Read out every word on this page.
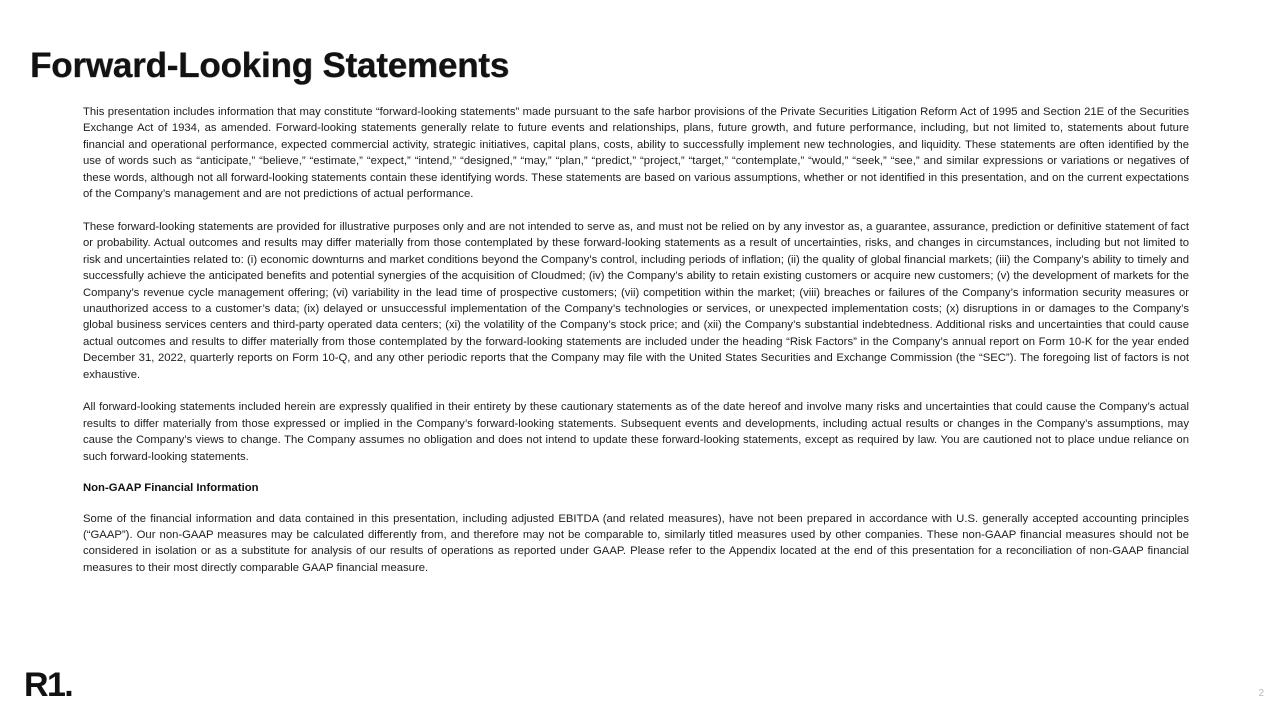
Forward-Looking Statements

This presentation includes information that may constitute “forward-looking statements” made pursuant to the safe harbor provisions of the Private Securities Litigation Reform Act of 1995 and Section 21E of the Securities Exchange Act of 1934, as amended. Forward-looking statements generally relate to future events and relationships, plans, future growth, and future performance, including, but not limited to, statements about future financial and operational performance, expected commercial activity, strategic initiatives, capital plans, costs, ability to successfully implement new technologies, and liquidity. These statements are often identified by the use of words such as “anticipate,” “believe,” “estimate,” “expect,” “intend,” “designed,” “may,” “plan,” “predict,” “project,” “target,” “contemplate,” “would,” “seek,” “see,” and similar expressions or variations or negatives of these words, although not all forward-looking statements contain these identifying words. These statements are based on various assumptions, whether or not identified in this presentation, and on the current expectations of the Company’s management and are not predictions of actual performance.

These forward-looking statements are provided for illustrative purposes only and are not intended to serve as, and must not be relied on by any investor as, a guarantee, assurance, prediction or definitive statement of fact or probability. Actual outcomes and results may differ materially from those contemplated by these forward-looking statements as a result of uncertainties, risks, and changes in circumstances, including but not limited to risk and uncertainties related to: (i) economic downturns and market conditions beyond the Company’s control, including periods of inflation; (ii) the quality of global financial markets; (iii) the Company’s ability to timely and successfully achieve the anticipated benefits and potential synergies of the acquisition of Cloudmed; (iv) the Company’s ability to retain existing customers or acquire new customers; (v) the development of markets for the Company’s revenue cycle management offering; (vi) variability in the lead time of prospective customers; (vii) competition within the market; (viii) breaches or failures of the Company’s information security measures or unauthorized access to a customer’s data; (ix) delayed or unsuccessful implementation of the Company’s technologies or services, or unexpected implementation costs; (x) disruptions in or damages to the Company’s global business services centers and third-party operated data centers; (xi) the volatility of the Company’s stock price; and (xii) the Company’s substantial indebtedness. Additional risks and uncertainties that could cause actual outcomes and results to differ materially from those contemplated by the forward-looking statements are included under the heading “Risk Factors” in the Company’s annual report on Form 10-K for the year ended December 31, 2022, quarterly reports on Form 10-Q, and any other periodic reports that the Company may file with the United States Securities and Exchange Commission (the “SEC”). The foregoing list of factors is not exhaustive.

All forward-looking statements included herein are expressly qualified in their entirety by these cautionary statements as of the date hereof and involve many risks and uncertainties that could cause the Company’s actual results to differ materially from those expressed or implied in the Company’s forward-looking statements. Subsequent events and developments, including actual results or changes in the Company’s assumptions, may cause the Company’s views to change. The Company assumes no obligation and does not intend to update these forward-looking statements, except as required by law. You are cautioned not to place undue reliance on such forward-looking statements.

Non-GAAP Financial Information

Some of the financial information and data contained in this presentation, including adjusted EBITDA (and related measures), have not been prepared in accordance with U.S. generally accepted accounting principles (“GAAP”). Our non-GAAP measures may be calculated differently from, and therefore may not be comparable to, similarly titled measures used by other companies. These non-GAAP financial measures should not be considered in isolation or as a substitute for analysis of our results of operations as reported under GAAP. Please refer to the Appendix located at the end of this presentation for a reconciliation of non-GAAP financial measures to their most directly comparable GAAP financial measure.

R1.	2
